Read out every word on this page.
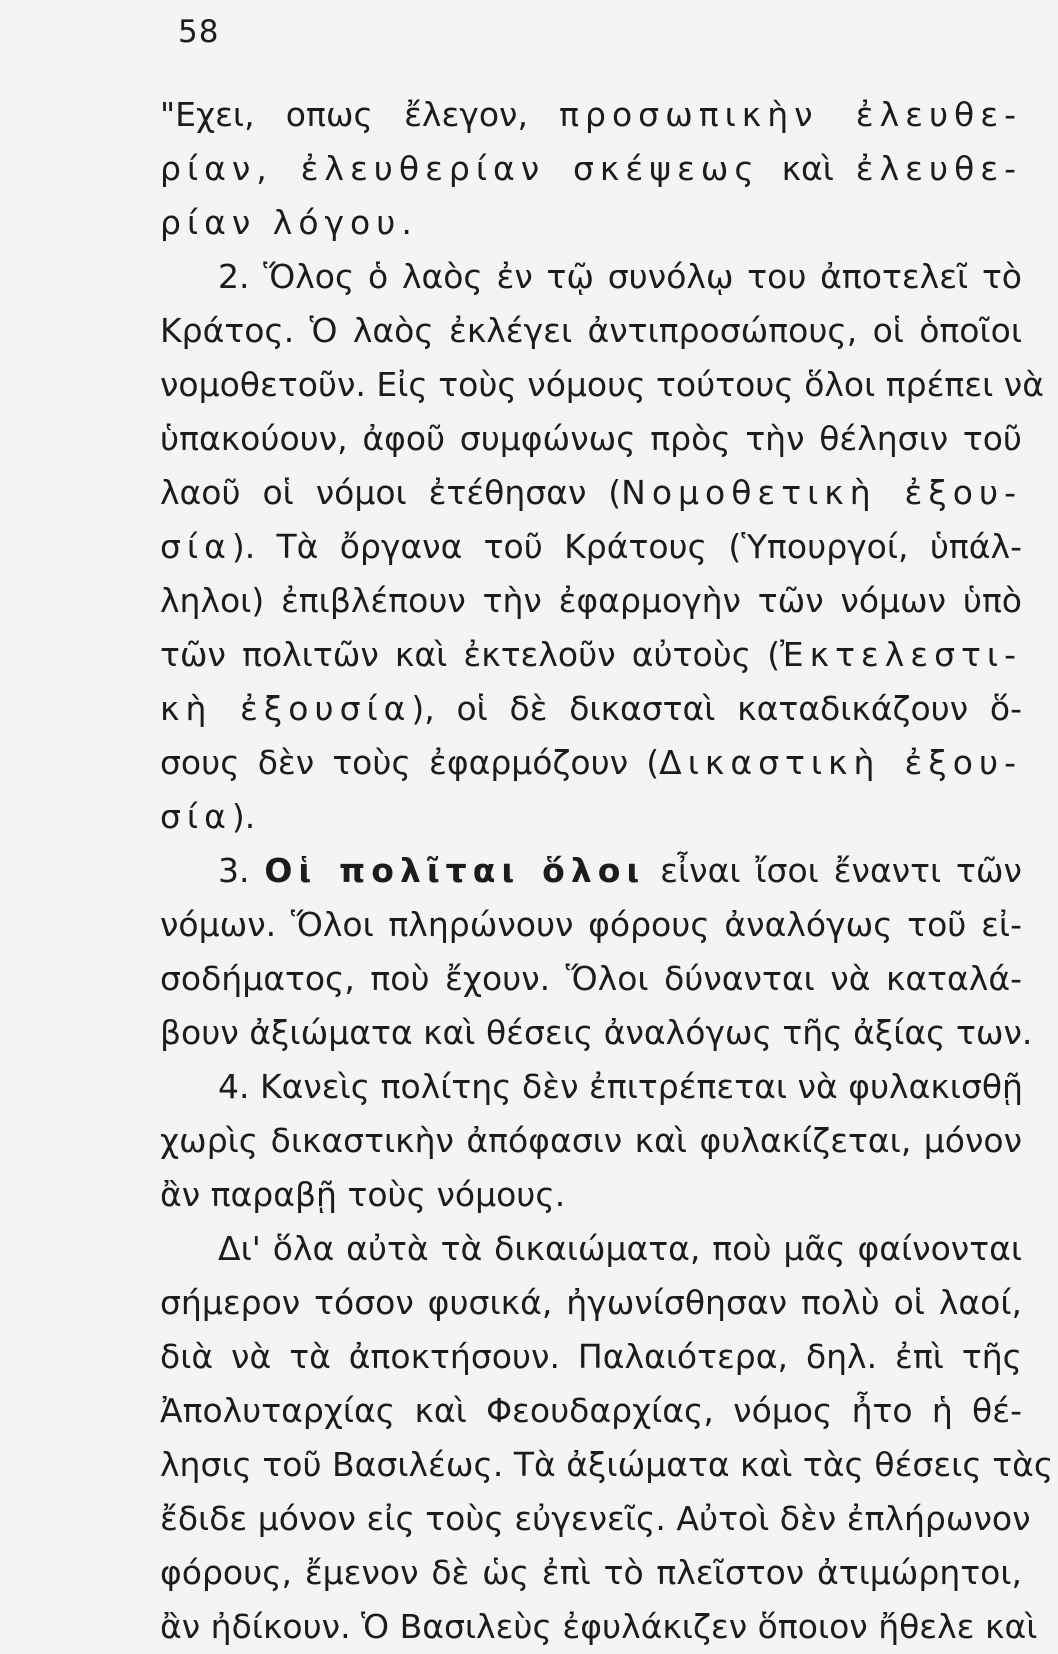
58
"Εχει, οπως ἔλεγον, προσωπικὴν ἐλευθε-
ρίαν, ἐλευθερίαν σκέψεως καὶ ἐλευθε-
ρίαν λόγου.
2. Ὅλος ὁ λαὸς ἐν τῷ συνόλῳ του ἀποτελεῖ τὸ
Κράτος. Ὁ λαὸς ἐκλέγει ἀντιπροσώπους, οἱ ὁποῖοι
νομοθετοῦν. Εἰς τοὺς νόμους τούτους ὅλοι πρέπει νὰ
ὑπακούουν, ἀφοῦ συμφώνως πρὸς τὴν θέλησιν τοῦ
λαοῦ οἱ νόμοι ἐτέθησαν (Νομοθετικὴ ἐξου-
σία). Τὰ ὄργανα τοῦ Κράτους (Ὑπουργοί, ὑπάλ-
ληλοι) ἐπιβλέπουν τὴν ἐφαρμογὴν τῶν νόμων ὑπὸ
τῶν πολιτῶν καὶ ἐκτελοῦν αὐτοὺς (Ἐκτελεστι-
κὴ ἐξουσία), οἱ δὲ δικασταὶ καταδικάζουν ὅ-
σους δὲν τοὺς ἐφαρμόζουν (Δικαστικὴ ἐξου-
σία).
3. Οἱ πολῖται ὅλοι εἶναι ἴσοι ἔναντι τῶν
νόμων. Ὅλοι πληρώνουν φόρους ἀναλόγως τοῦ εἰ-
σοδήματος, ποὺ ἔχουν. Ὅλοι δύνανται νὰ καταλά-
βουν ἀξιώματα καὶ θέσεις ἀναλόγως τῆς ἀξίας των.
4. Κανεὶς πολίτης δὲν ἐπιτρέπεται νὰ φυλακισθῇ
χωρὶς δικαστικὴν ἀπόφασιν καὶ φυλακίζεται, μόνον
ἂν παραβῇ τοὺς νόμους.
Δι' ὅλα αὐτὰ τὰ δικαιώματα, ποὺ μᾶς φαίνονται
σήμερον τόσον φυσικά, ἠγωνίσθησαν πολὺ οἱ λαοί,
διὰ νὰ τὰ ἀποκτήσουν. Παλαιότερα, δηλ. ἐπὶ τῆς
Ἀπολυταρχίας καὶ Φεουδαρχίας, νόμος ἦτο ἡ θέ-
λησις τοῦ Βασιλέως. Τὰ ἀξιώματα καὶ τὰς θέσεις τὰς
ἔδιδε μόνον εἰς τοὺς εὐγενεῖς. Αὐτοὶ δὲν ἐπλήρωνον
φόρους, ἔμενον δὲ ὡς ἐπὶ τὸ πλεῖστον ἀτιμώρητοι,
ἂν ἠδίκουν. Ὁ Βασιλεὺς ἐφυλάκιζεν ὅποιον ἤθελε καὶ
